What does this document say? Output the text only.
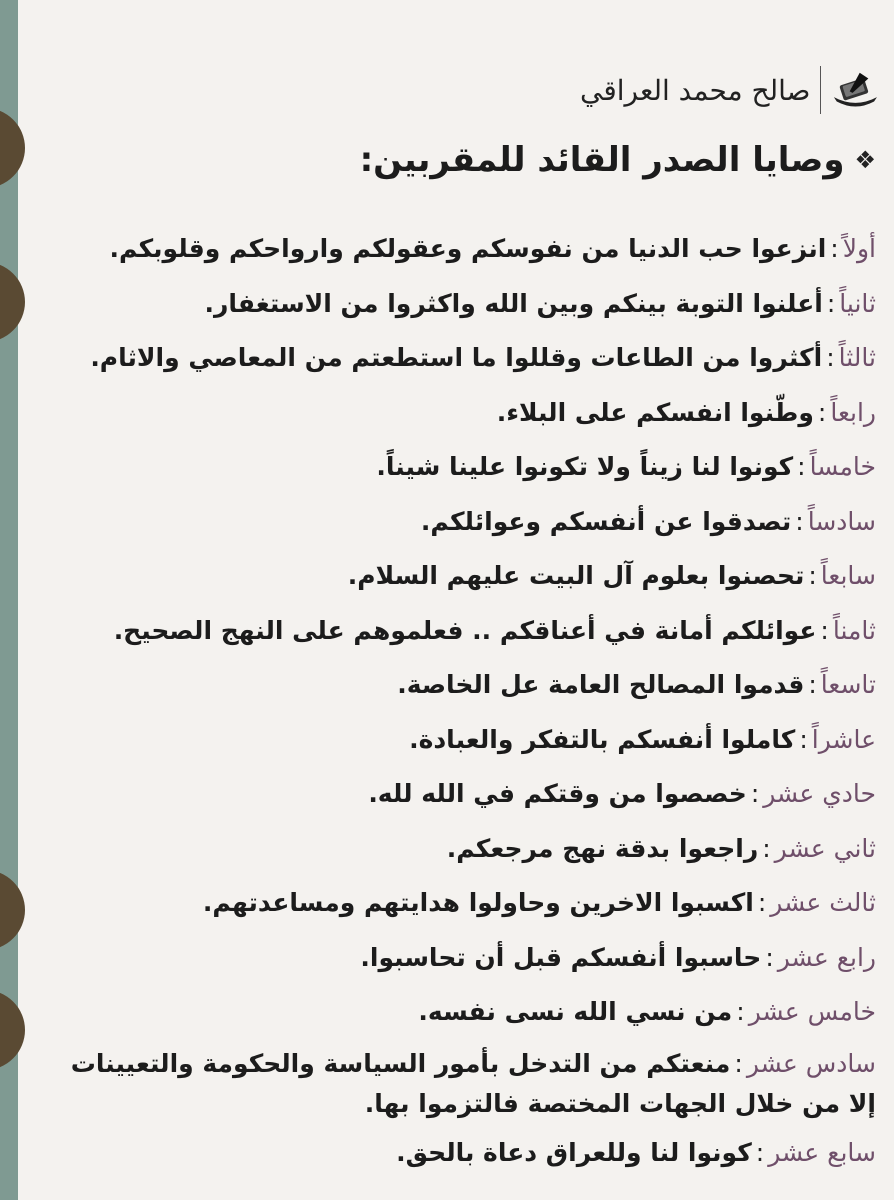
صالح محمد العراقي
❖
وصايا الصدر القائد للمقربين:
أولاً:انزعوا حب الدنيا من نفوسكم وعقولكم وارواحكم وقلوبكم.
ثانياً:أعلنوا التوبة بينكم وبين الله واكثروا من الاستغفار.
ثالثاً:أكثروا من الطاعات وقللوا ما استطعتم من المعاصي والاثام.
رابعاً:وطّنوا انفسكم على البلاء.
خامساً:كونوا لنا زيناً ولا تكونوا علينا شيناً.
سادساً:تصدقوا عن أنفسكم وعوائلكم.
سابعاً:تحصنوا بعلوم آل البيت عليهم السلام.
ثامناً:عوائلكم أمانة في أعناقكم .. فعلموهم على النهج الصحيح.
تاسعاً:قدموا المصالح العامة عل الخاصة.
عاشراً:كاملوا أنفسكم بالتفكر والعبادة.
حادي عشر:خصصوا من وقتكم في الله لله.
ثاني عشر:راجعوا بدقة نهج مرجعكم.
ثالث عشر:اكسبوا الاخرين وحاولوا هدايتهم ومساعدتهم.
رابع عشر:حاسبوا أنفسكم قبل أن تحاسبوا.
خامس عشر:من نسي الله نسى نفسه.
سادس عشر:منعتكم من التدخل بأمور السياسة والحكومة والتعيينات إلا من خلال الجهات المختصة فالتزموا بها.
سابع عشر:كونوا لنا وللعراق دعاة بالحق.
